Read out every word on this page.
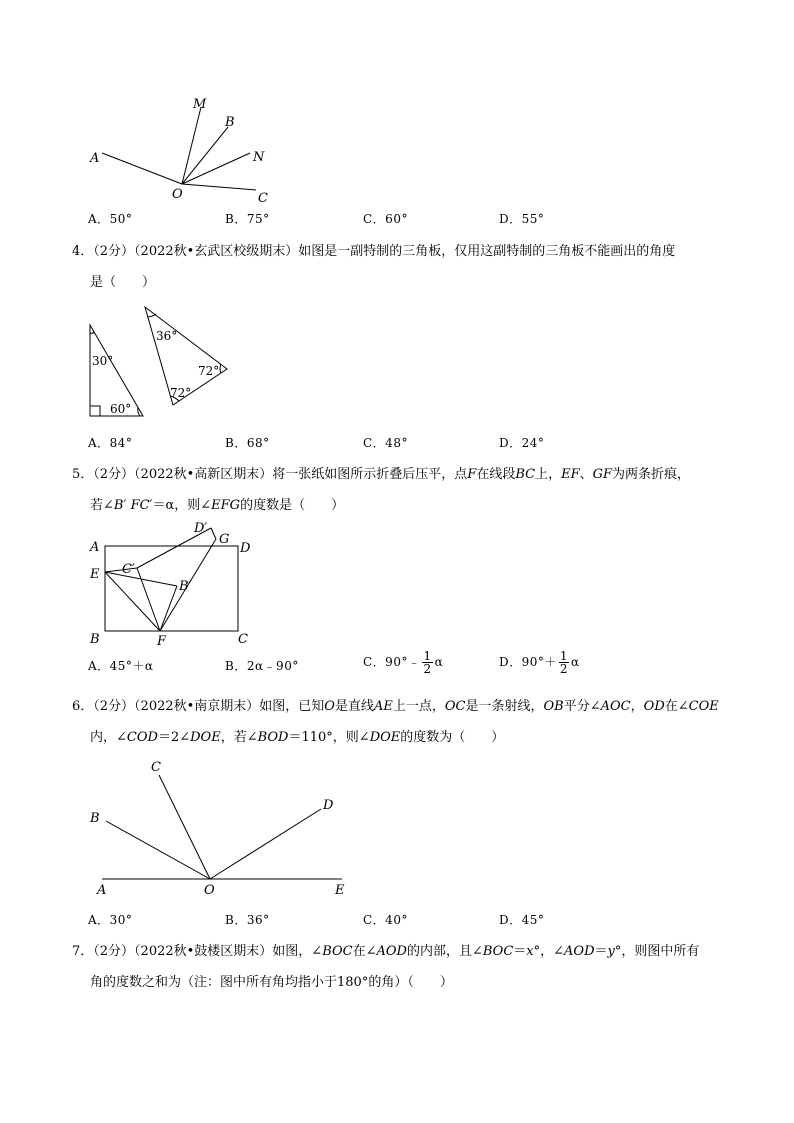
M
B
N
A
O	C
A．50°	B．75°	C．60°	D．55°
4．（2分）（2022秋•玄武区校级期末）如图是一副特制的三角板，仅用这副特制的三角板不能画出的角度
是（　　）
30°
60°
36°
72°
72°
A．84°	B．68°	C．48°	D．24°
5．（2分）（2022秋•高新区期末）将一张纸如图所示折叠后压平，点F在线段BC上，EF、GF为两条折痕，
若∠B′ FC′＝α，则∠EFG的度数是（　　）
A	D
D′
G
E C′
B′
B	F	C
A．45°＋α	B．2α﹣90°	C．90°﹣ $\frac{1}{2}$ α	D．$90^\circ+ \frac{1}{2}$ α
6．（2分）（2022秋•南京期末）如图，已知O是直线AE上一点，OC是一条射线，OB平分∠AOC，OD在∠COE
内，∠COD＝2∠DOE，若∠BOD＝110°，则∠DOE的度数为（　　）
C
B
D
A	O	E
A．30°	B．36°	C．40°	D．45°
7．（2分）（2022秋•鼓楼区期末）如图，∠BOC在∠AOD的内部，且∠BOC＝x°，∠AOD＝y°，则图中所有
角的度数之和为（注：图中所有角均指小于180°的角）（　　）
